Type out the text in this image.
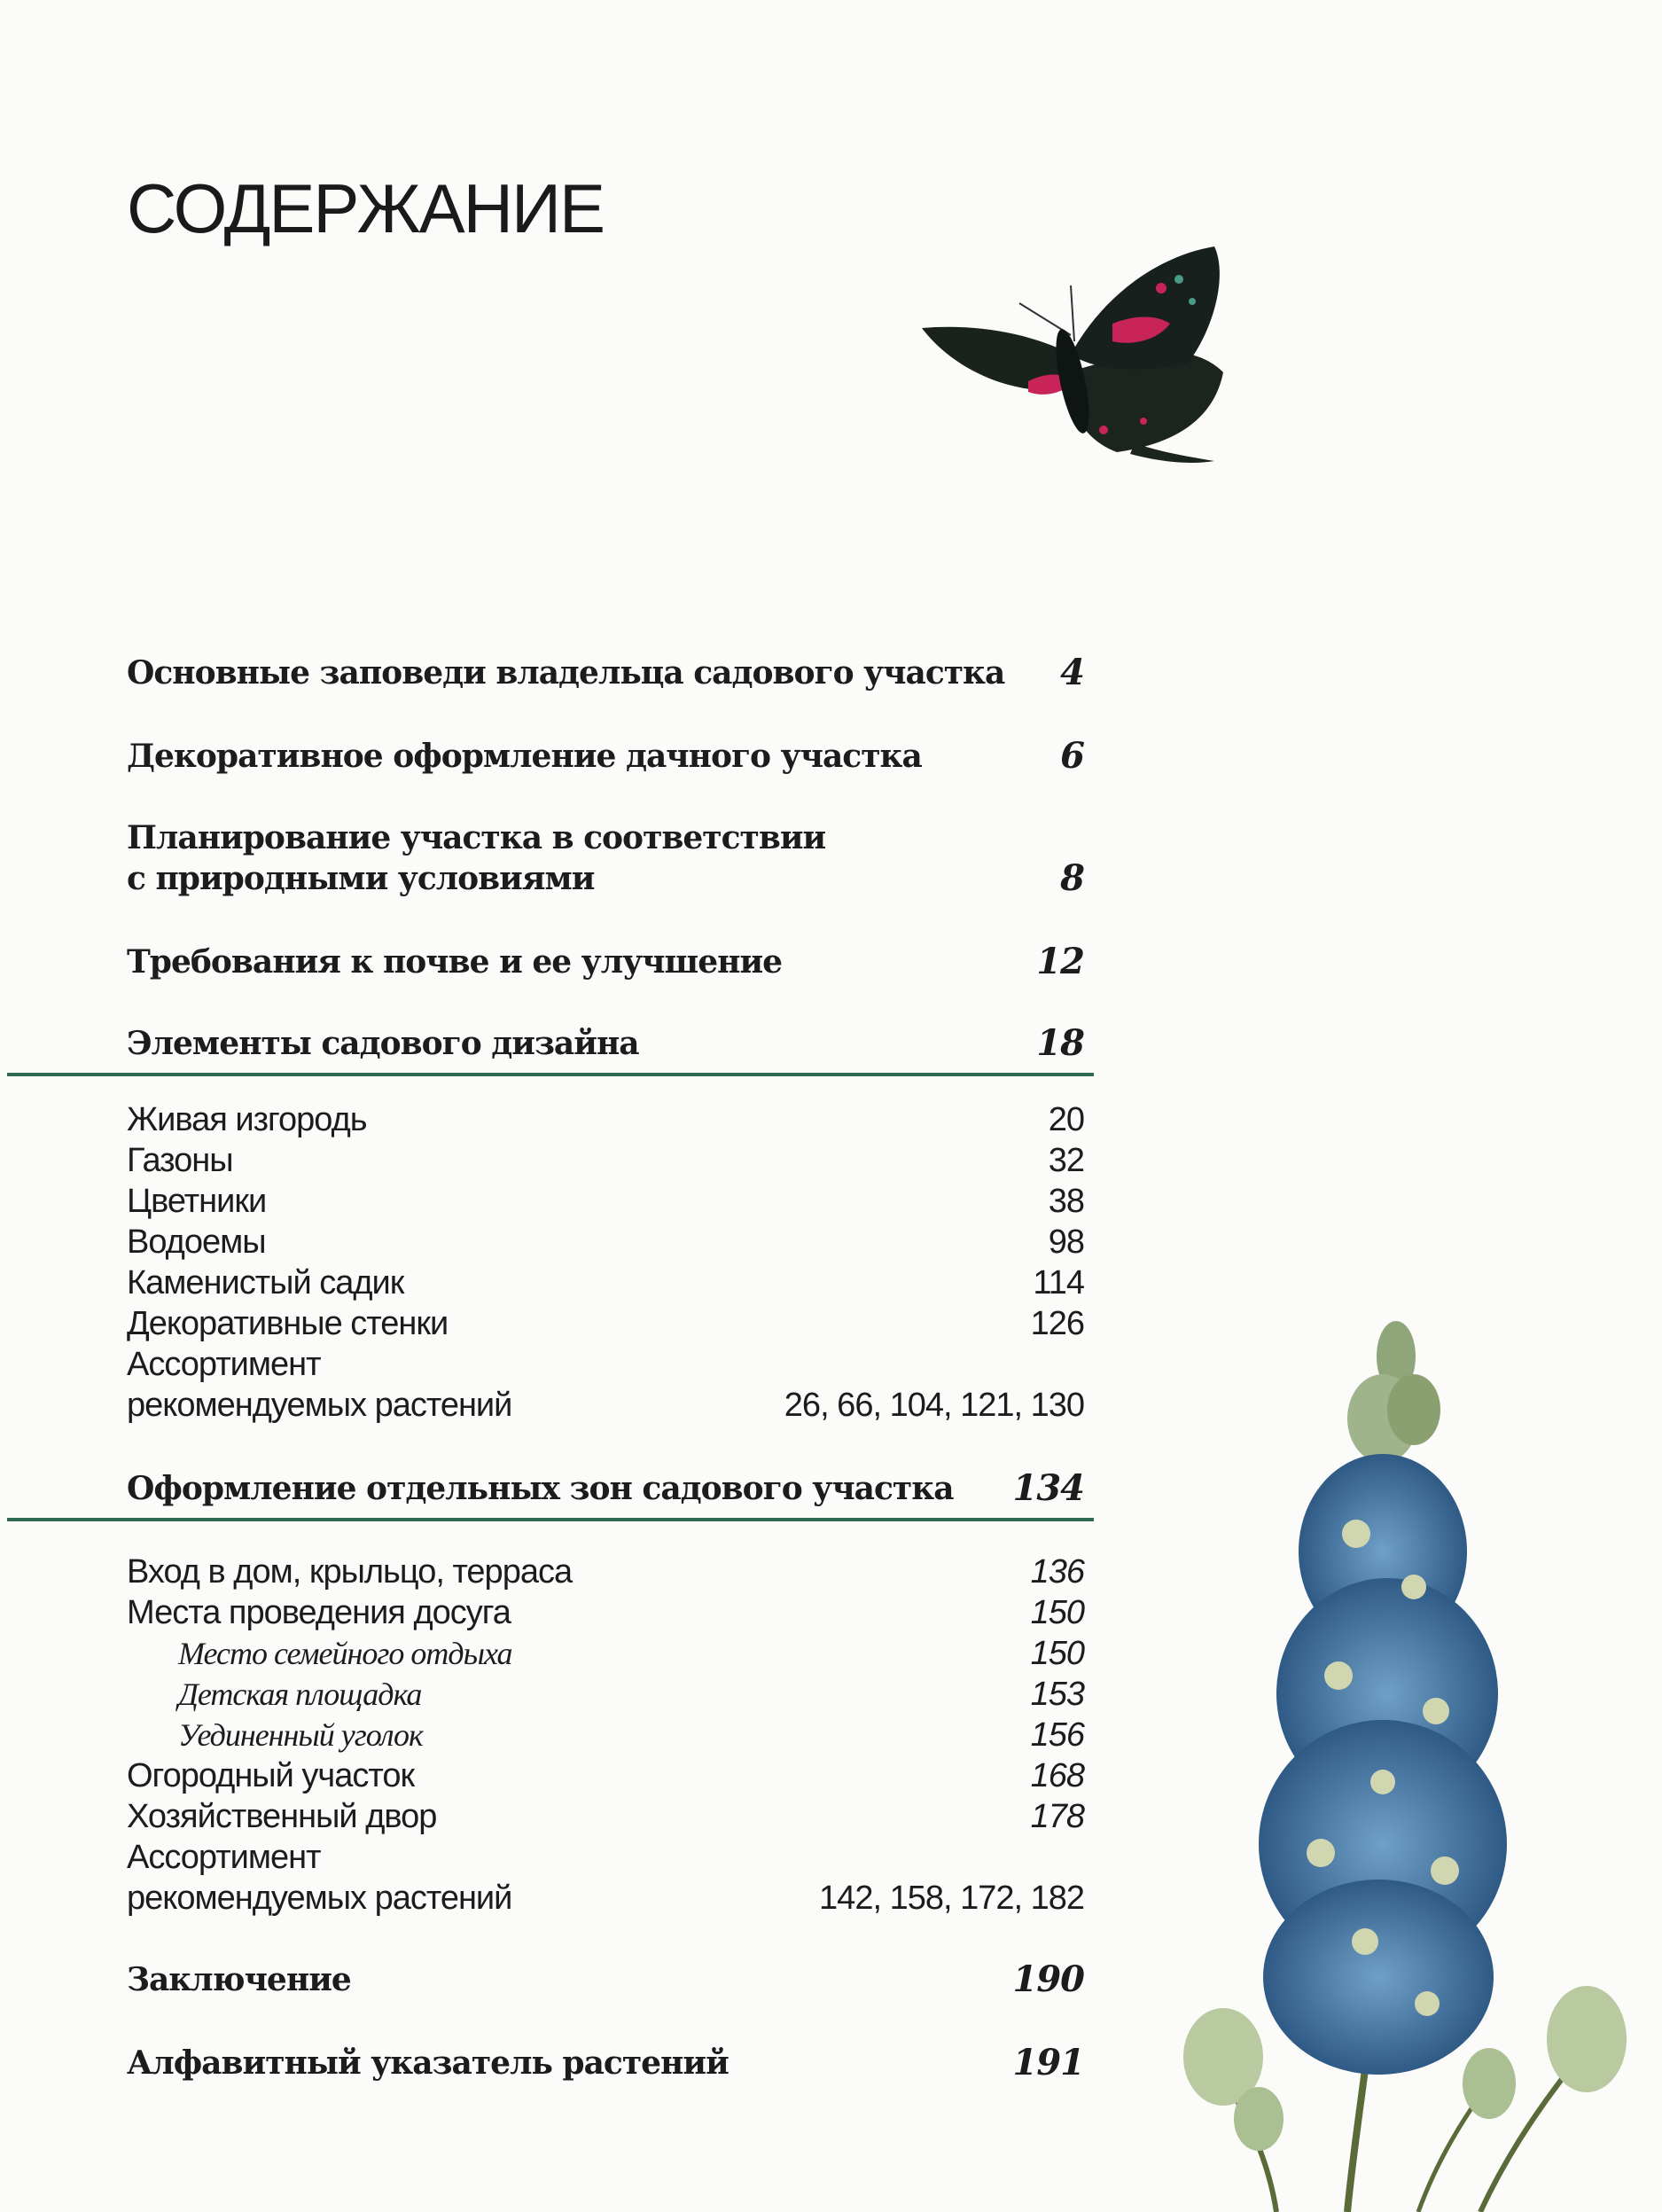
СОДЕРЖАНИЕ
Основные заповеди владельца садового участка	4
Декоративное оформление дачного участка	6
Планирование участка в соответствии
с природными условиями	8
Требования к почве и ее улучшение	12
Элементы садового дизайна	18
Живая изгородь	20
Газоны	32
Цветники	38
Водоемы	98
Каменистый садик	114
Декоративные стенки	126
Ассортимент
рекомендуемых растений	26, 66, 104, 121, 130
Оформление отдельных зон садового участка	134
Вход в дом, крыльцо, терраса	136
Места проведения досуга	150
Место семейного отдыха	150
Детская площадка	153
Уединенный уголок	156
Огородный участок	168
Хозяйственный двор	178
Ассортимент
рекомендуемых растений	142, 158, 172, 182
Заключение	190
Алфавитный указатель растений	191
